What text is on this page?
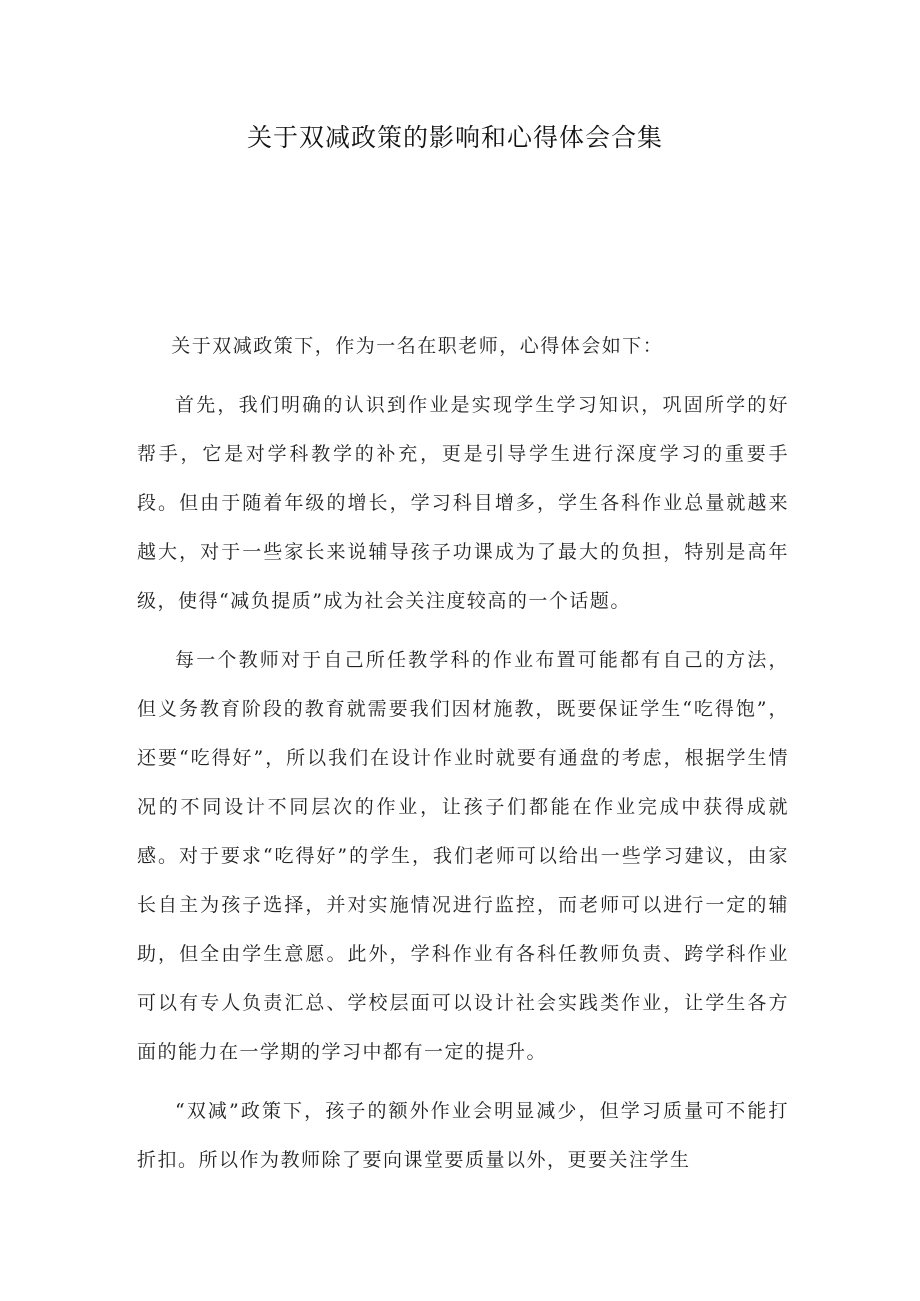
关于双减政策的影响和心得体会合集

关于双减政策下，作为一名在职老师，心得体会如下：

首先，我们明确的认识到作业是实现学生学习知识，巩固所学的好帮手，它是对学科教学的补充，更是引导学生进行深度学习的重要手段。但由于随着年级的增长，学习科目增多，学生各科作业总量就越来越大，对于一些家长来说辅导孩子功课成为了最大的负担，特别是高年级，使得“减负提质”成为社会关注度较高的一个话题。

每一个教师对于自己所任教学科的作业布置可能都有自己的方法，但义务教育阶段的教育就需要我们因材施教，既要保证学生“吃得饱”，还要“吃得好”，所以我们在设计作业时就要有通盘的考虑，根据学生情况的不同设计不同层次的作业，让孩子们都能在作业完成中获得成就感。对于要求“吃得好”的学生，我们老师可以给出一些学习建议，由家长自主为孩子选择，并对实施情况进行监控，而老师可以进行一定的辅助，但全由学生意愿。此外，学科作业有各科任教师负责、跨学科作业可以有专人负责汇总、学校层面可以设计社会实践类作业，让学生各方面的能力在一学期的学习中都有一定的提升。

“双减”政策下，孩子的额外作业会明显减少，但学习质量可不能打折扣。所以作为教师除了要向课堂要质量以外，更要关注学生
